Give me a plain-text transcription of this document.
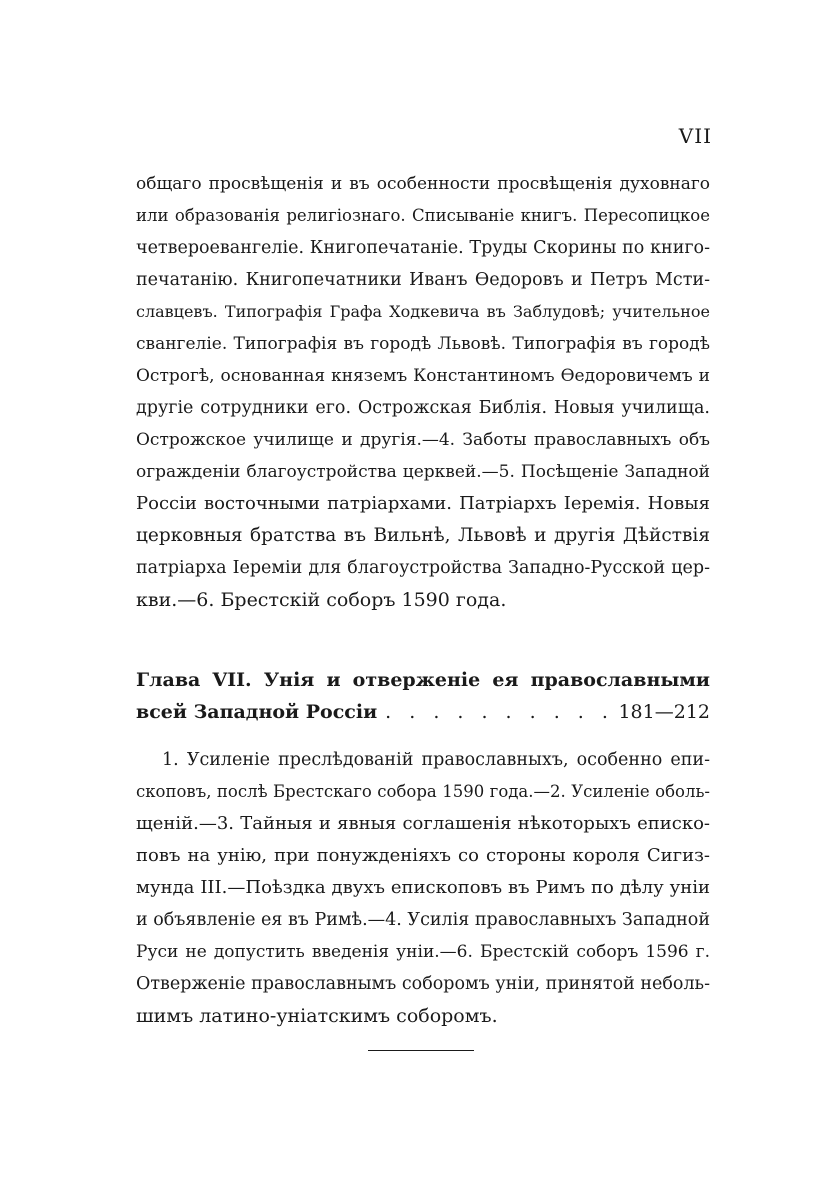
VII
общаго просвѣщенія и въ особенности просвѣщенія духовнаго
или образованія религіознаго. Списываніе книгъ. Пересопицкое
четвероевангеліе. Книгопечатаніе. Труды Скорины по книго-
печатанію. Книгопечатники Иванъ Ѳедоровъ и Петръ Мсти-
славцевъ. Типографія Графа Ходкевича въ Заблудовѣ; учительное
свангеліе. Типографія въ городѣ Львовѣ. Типографія въ городѣ
Острогѣ, основанная княземъ Константиномъ Ѳедоровичемъ и
другіе сотрудники его. Острожская Библія. Новыя училища.
Острожское училище и другія.—4. Заботы православныхъ объ
огражденіи благоустройства церквей.—5. Посѣщеніе Западной
Россіи восточными патріархами. Патріархъ Іеремія. Новыя
церковныя братства въ Вильнѣ, Львовѣ и другія Дѣйствія
патріарха Іереміи для благоустройства Западно-Русской цер-
кви.—6. Брестскій соборъ 1590 года.
Глава VII. Унія и отверженіе ея православными
всей Западной Россіи . . . . . . . . . . 181—212
1. Усиленіе преслѣдованій православныхъ, особенно епи-
скоповъ, послѣ Брестскаго собора 1590 года.—2. Усиленіе оболь-
щеній.—3. Тайныя и явныя соглашенія нѣкоторыхъ еписко-
повъ на унію, при понужденіяхъ со стороны короля Сигиз-
мунда III.—Поѣздка двухъ епископовъ въ Римъ по дѣлу уніи
и объявленіе ея въ Римѣ.—4. Усилія православныхъ Западной
Руси не допустить введенія уніи.—6. Брестскій соборъ 1596 г.
Отверженіе православнымъ соборомъ уніи, принятой неболь-
шимъ латино-уніатскимъ соборомъ.
